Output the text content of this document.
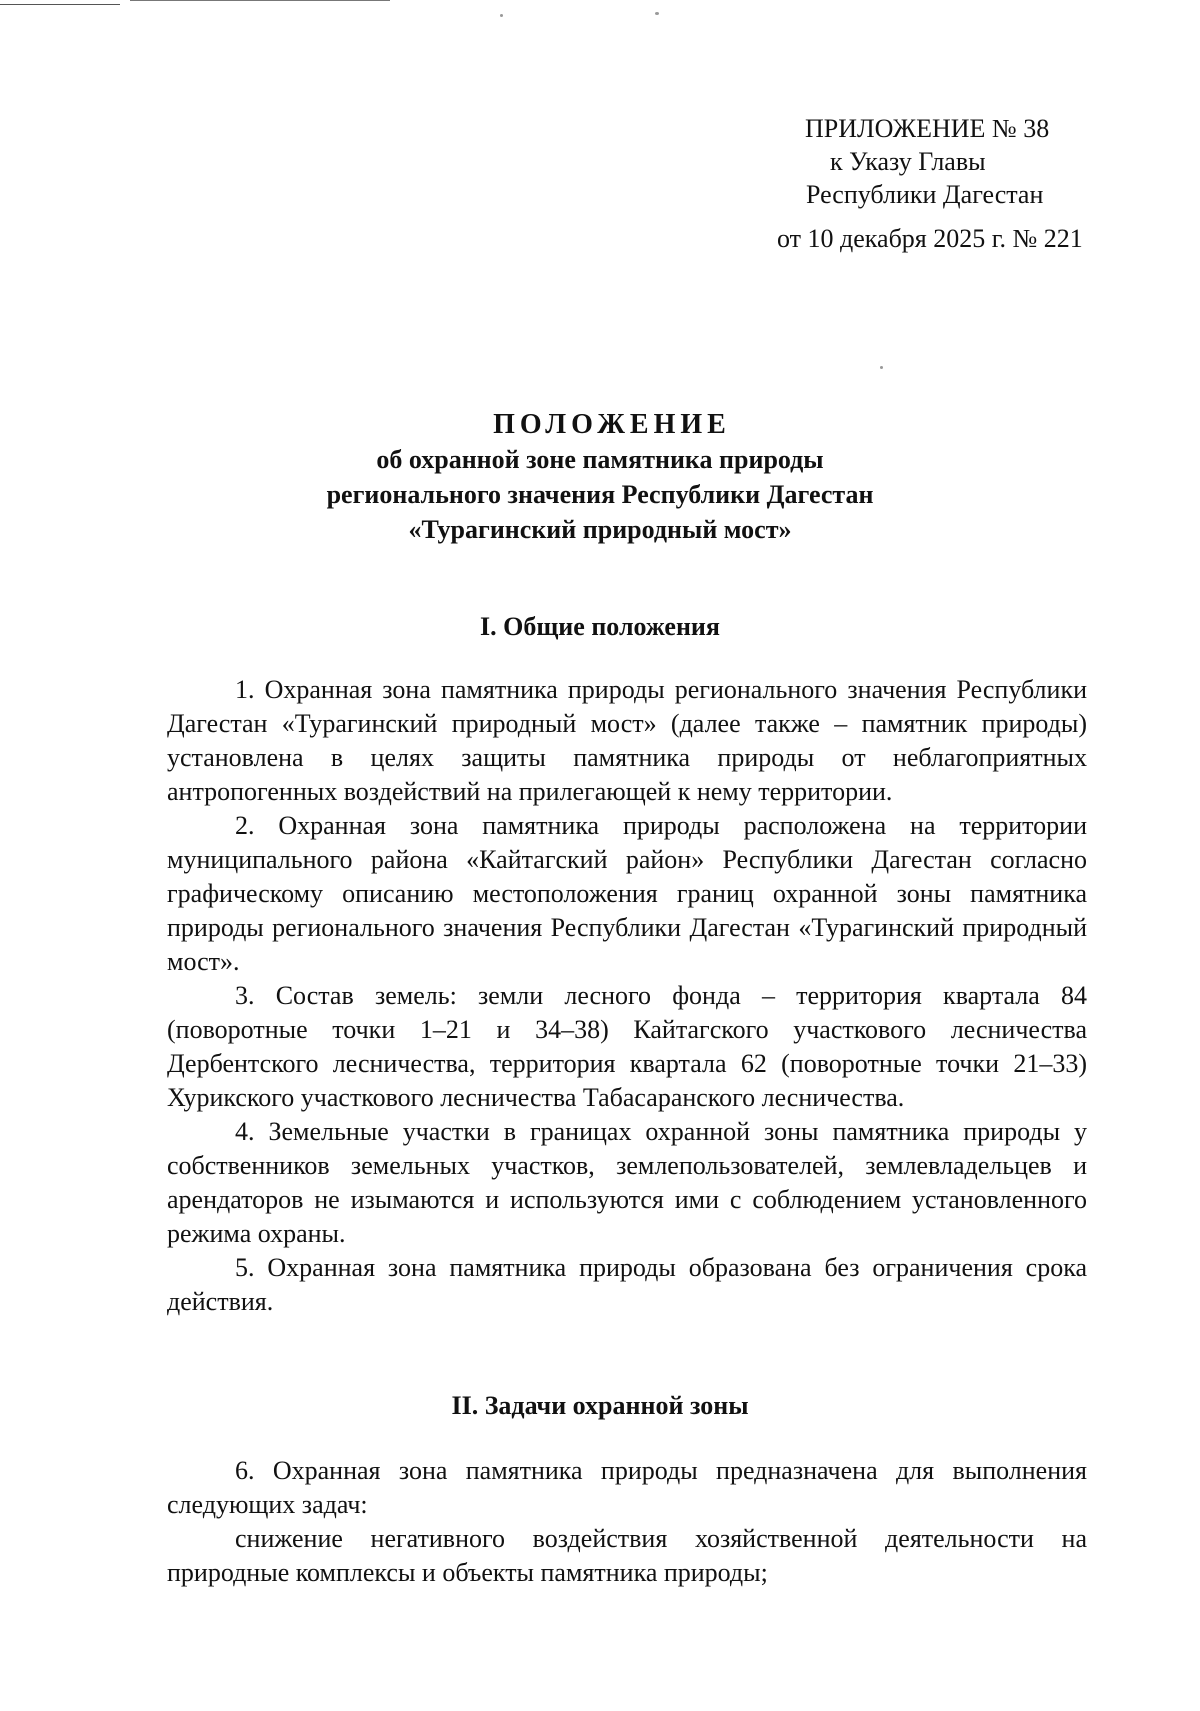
ПРИЛОЖЕНИЕ № 38
к Указу Главы
Республики Дагестан
от 10 декабря 2025 г. № 221
ПОЛОЖЕНИЕ
об охранной зоне памятника природы
регионального значения Республики Дагестан
«Турагинский природный мост»
I. Общие положения

1. Охранная зона памятника природы регионального значения Республики Дагестан «Турагинский природный мост» (далее также – памятник природы) установлена в целях защиты памятника природы от неблагоприятных антропогенных воздействий на прилегающей к нему территории.

2. Охранная зона памятника природы расположена на территории муниципального района «Кайтагский район» Республики Дагестан согласно графическому описанию местоположения границ охранной зоны памятника природы регионального значения Республики Дагестан «Турагинский природный мост».

3. Состав земель: земли лесного фонда – территория квартала 84 (поворотные точки 1–21 и 34–38) Кайтагского участкового лесничества Дербентского лесничества, территория квартала 62 (поворотные точки 21–33) Хурикского участкового лесничества Табасаранского лесничества.

4. Земельные участки в границах охранной зоны памятника природы у собственников земельных участков, землепользователей, землевладельцев и арендаторов не изымаются и используются ими с соблюдением установленного режима охраны.

5. Охранная зона памятника природы образована без ограничения срока действия.

II. Задачи охранной зоны

6. Охранная зона памятника природы предназначена для выполнения следующих задач:

снижение негативного воздействия хозяйственной деятельности на природные комплексы и объекты памятника природы;
